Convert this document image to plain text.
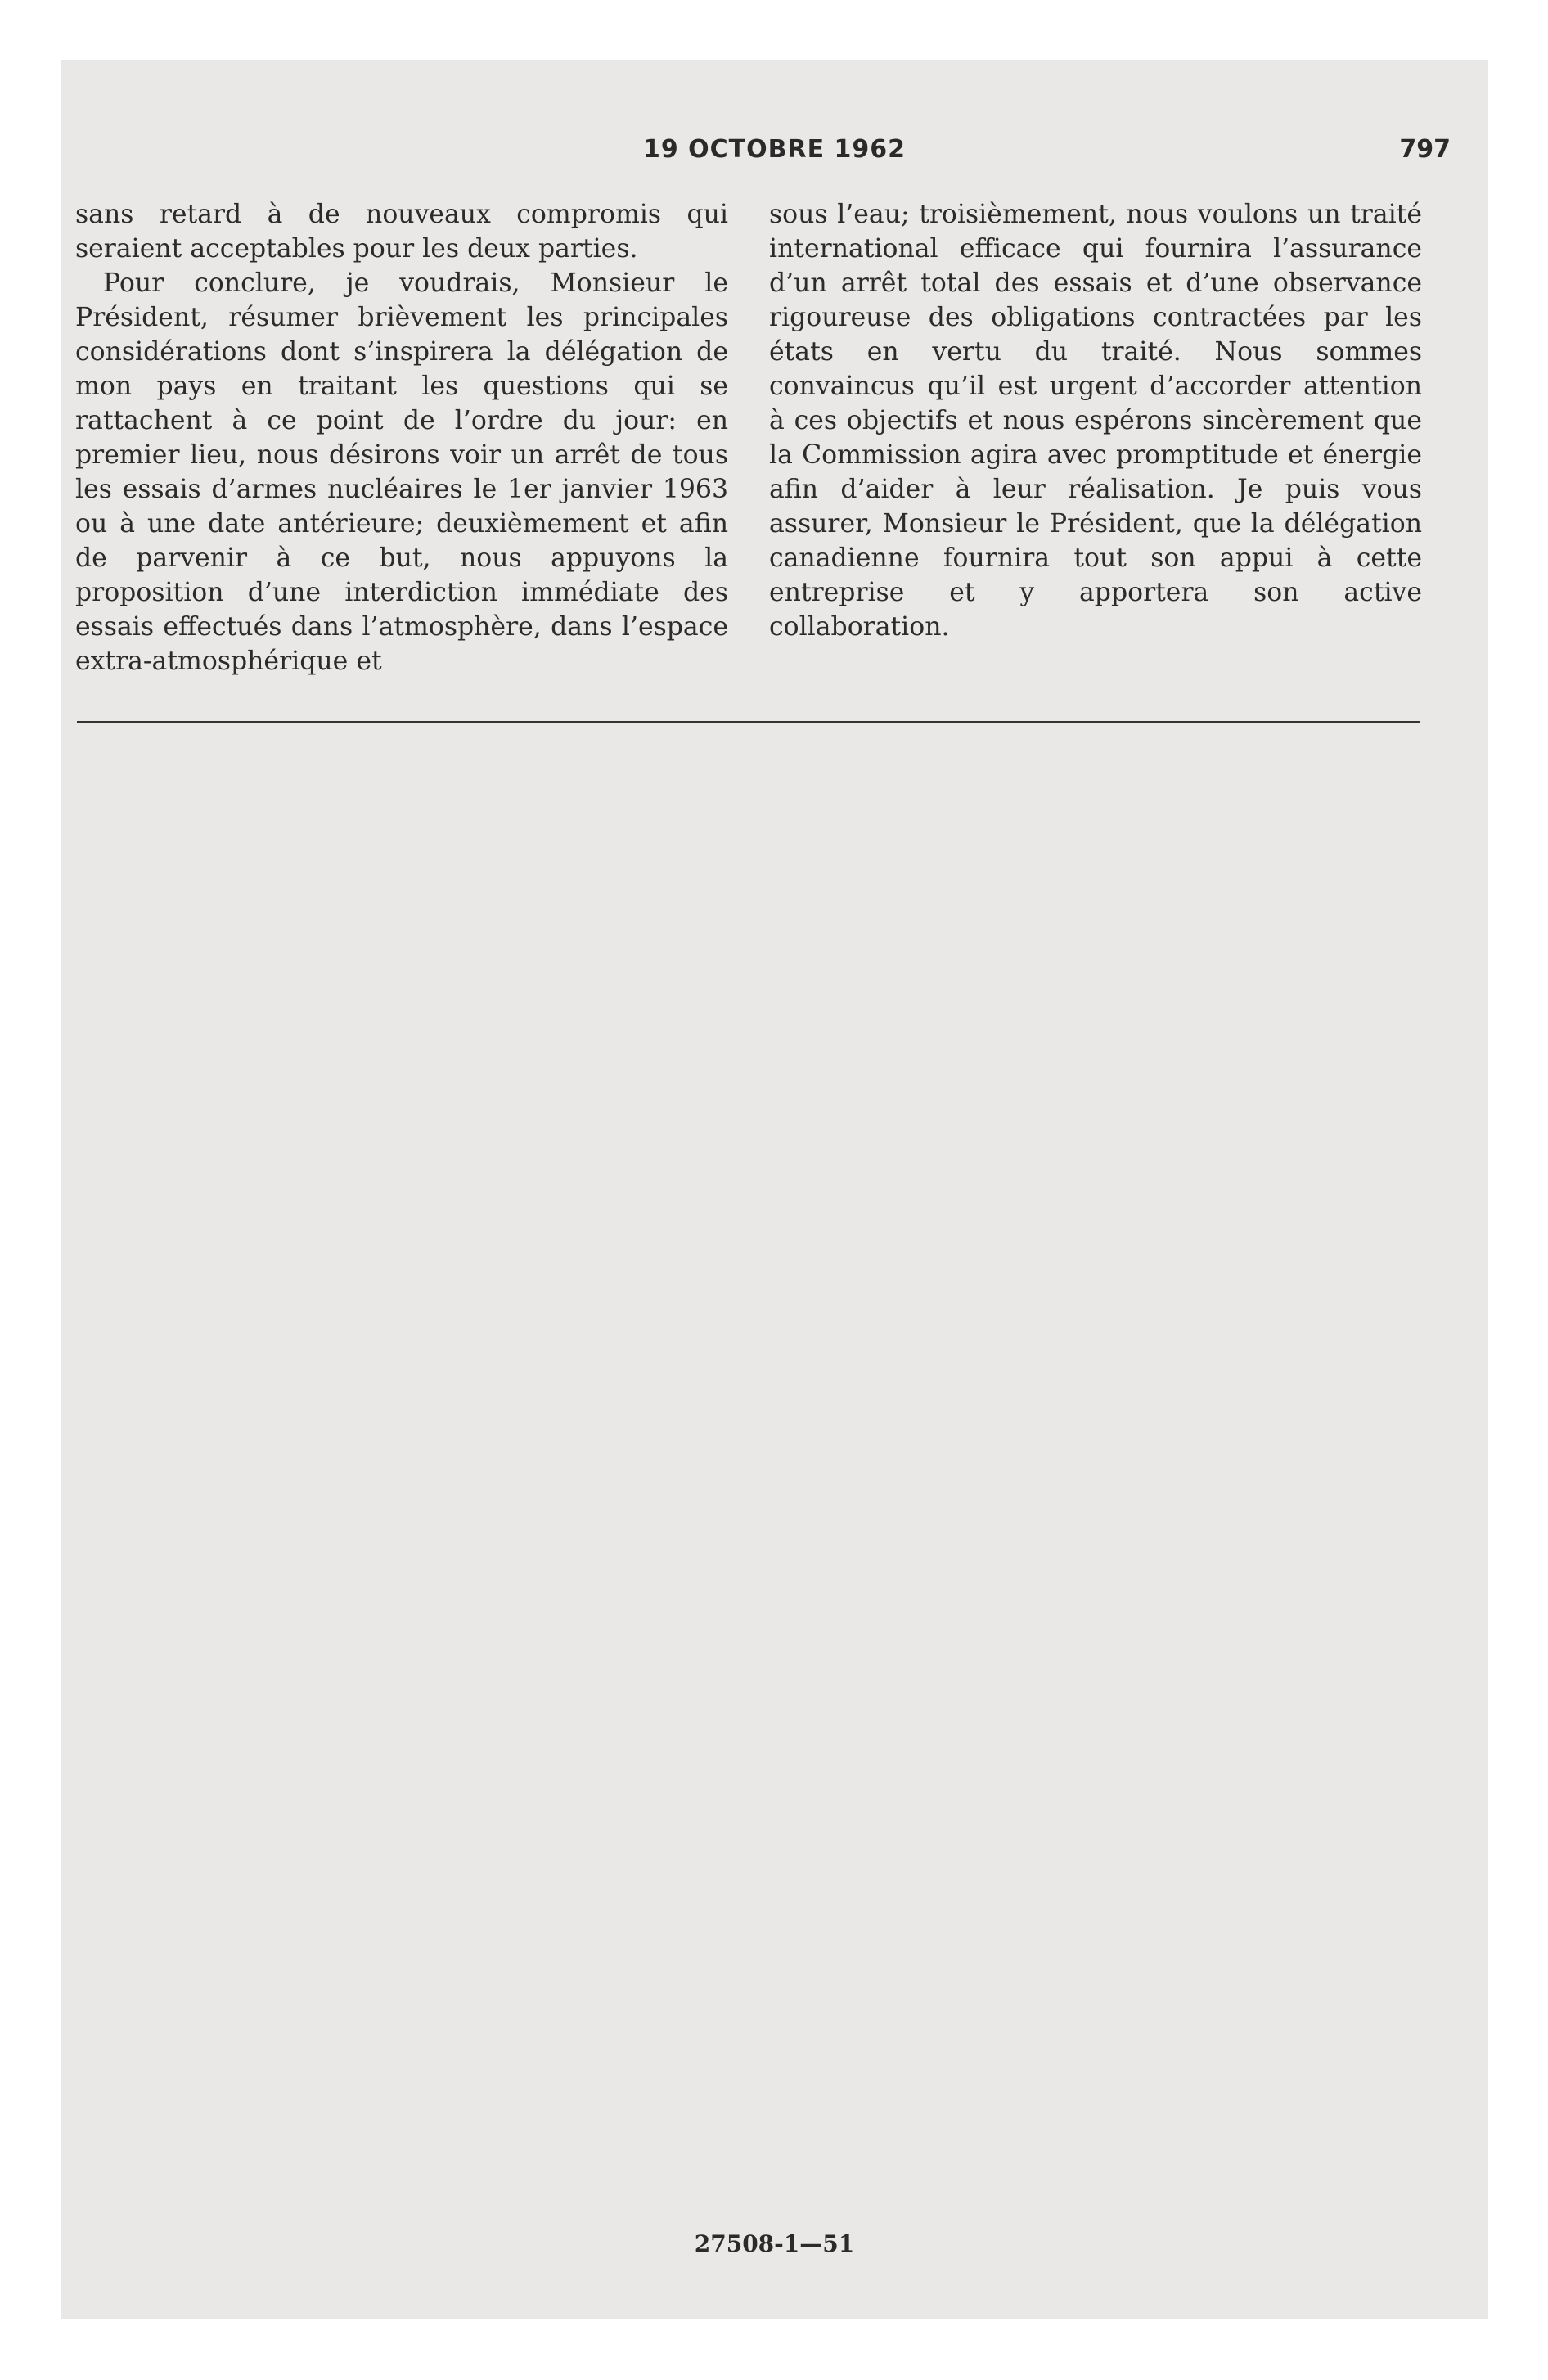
19 OCTOBRE 1962	797

sans retard à de nouveaux compromis qui seraient acceptables pour les deux parties.

Pour conclure, je voudrais, Monsieur le Président, résumer brièvement les principales considérations dont s’inspirera la délégation de mon pays en traitant les questions qui se rattachent à ce point de l’ordre du jour: en premier lieu, nous désirons voir un arrêt de tous les essais d’armes nucléaires le 1er janvier 1963 ou à une date antérieure; deuxièmement et afin de parvenir à ce but, nous appuyons la proposition d’une interdiction immédiate des essais effectués dans l’atmosphère, dans l’espace extra-atmosphérique et

sous l’eau; troisièmement, nous voulons un traité international efficace qui fournira l’assurance d’un arrêt total des essais et d’une observance rigoureuse des obligations contractées par les états en vertu du traité. Nous sommes convaincus qu’il est urgent d’accorder attention à ces objectifs et nous espérons sincèrement que la Commission agira avec promptitude et énergie afin d’aider à leur réalisation. Je puis vous assurer, Monsieur le Président, que la délégation canadienne fournira tout son appui à cette entreprise et y apportera son active collaboration.

27508-1—51
